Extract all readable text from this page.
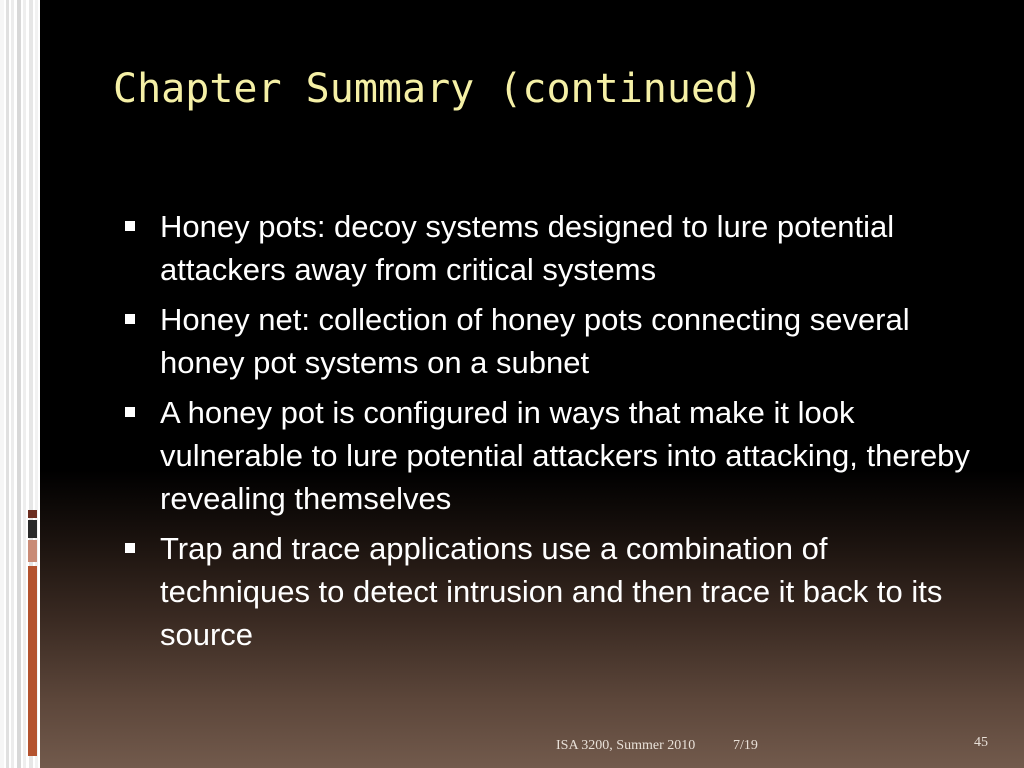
Chapter Summary (continued)
Honey pots: decoy systems designed to lure potential attackers away from critical systems
Honey net: collection of honey pots connecting several honey pot systems on a subnet
A honey pot is configured in ways that make it look vulnerable to lure potential attackers into attacking, thereby revealing themselves
Trap and trace applications use a combination of techniques to detect intrusion and then trace it back to its source
ISA 3200, Summer 2010	7/19	45
